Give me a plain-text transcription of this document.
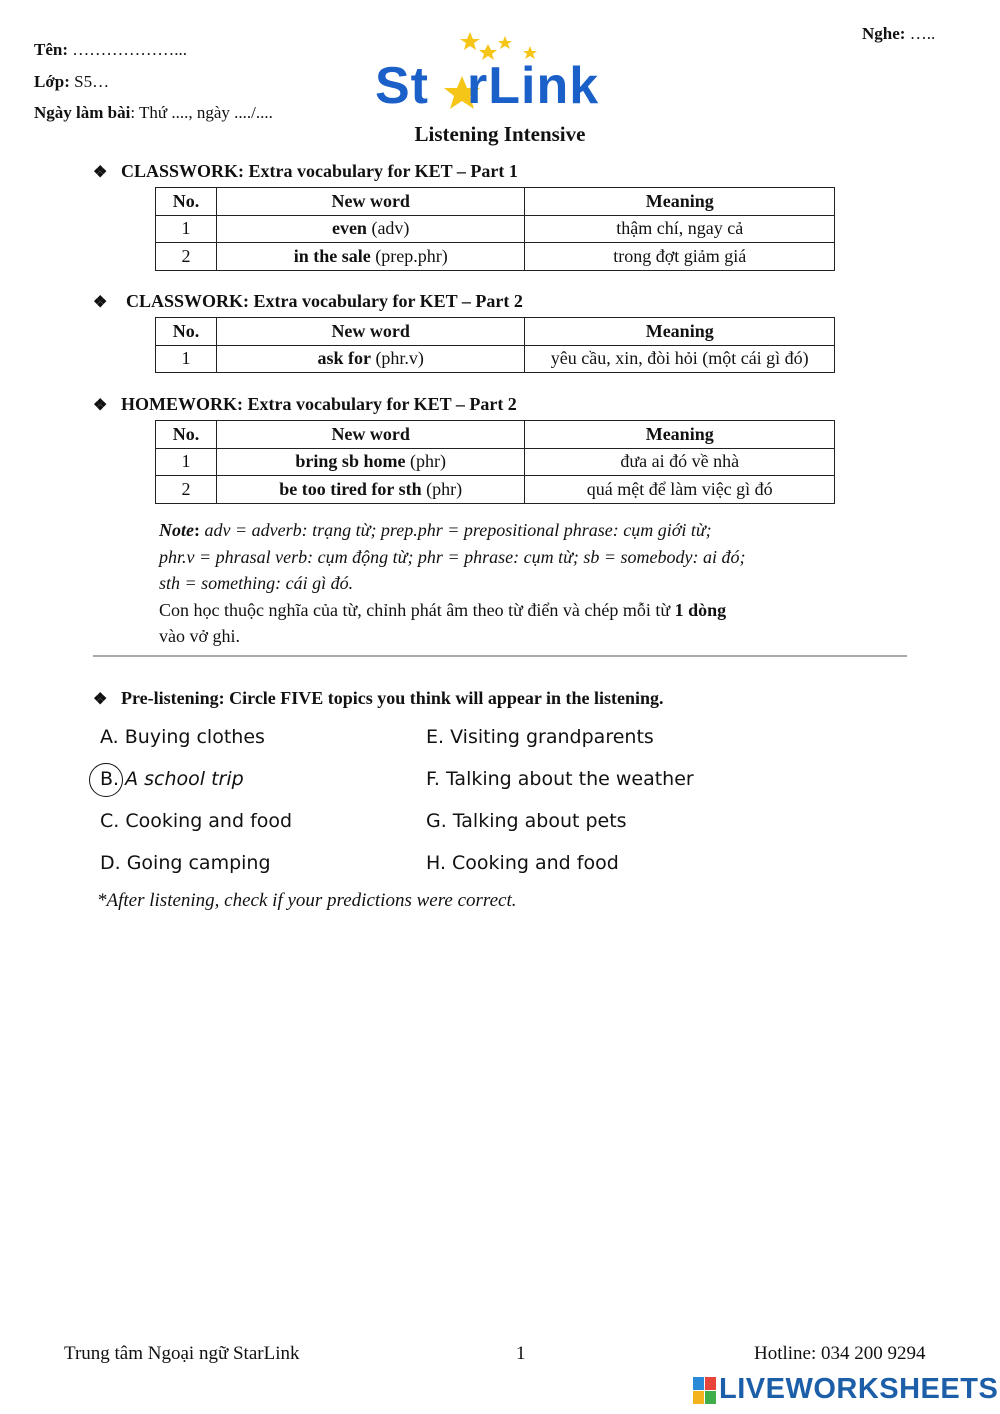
Tên: ………………...
Lớp: S5…
Ngày làm bài: Thứ ...., ngày ..../....
Nghe: …..
St rLink
Listening Intensive
❖ CLASSWORK: Extra vocabulary for KET – Part 1
No.	New word	Meaning
1	even (adv)	thậm chí, ngay cả
2	in the sale (prep.phr)	trong đợt giảm giá
❖ CLASSWORK: Extra vocabulary for KET – Part 2
No.	New word	Meaning
1	ask for (phr.v)	yêu cầu, xin, đòi hỏi (một cái gì đó)
❖ HOMEWORK: Extra vocabulary for KET – Part 2
No.	New word	Meaning
1	bring sb home (phr)	đưa ai đó về nhà
2	be too tired for sth (phr)	quá mệt để làm việc gì đó
Note: adv = adverb: trạng từ; prep.phr = prepositional phrase: cụm giới từ;
phr.v = phrasal verb: cụm động từ; phr = phrase: cụm từ; sb = somebody: ai đó;
sth = something: cái gì đó.
Con học thuộc nghĩa của từ, chỉnh phát âm theo từ điển và chép mỗi từ 1 dòng
vào vở ghi.
❖ Pre-listening: Circle FIVE topics you think will appear in the listening.
A. Buying clothes
B. A school trip
C. Cooking and food
D. Going camping
E. Visiting grandparents
F. Talking about the weather
G. Talking about pets
H. Cooking and food
*After listening, check if your predictions were correct.
Trung tâm Ngoại ngữ StarLink	1	Hotline: 034 200 9294
LIVEWORKSHEETS
